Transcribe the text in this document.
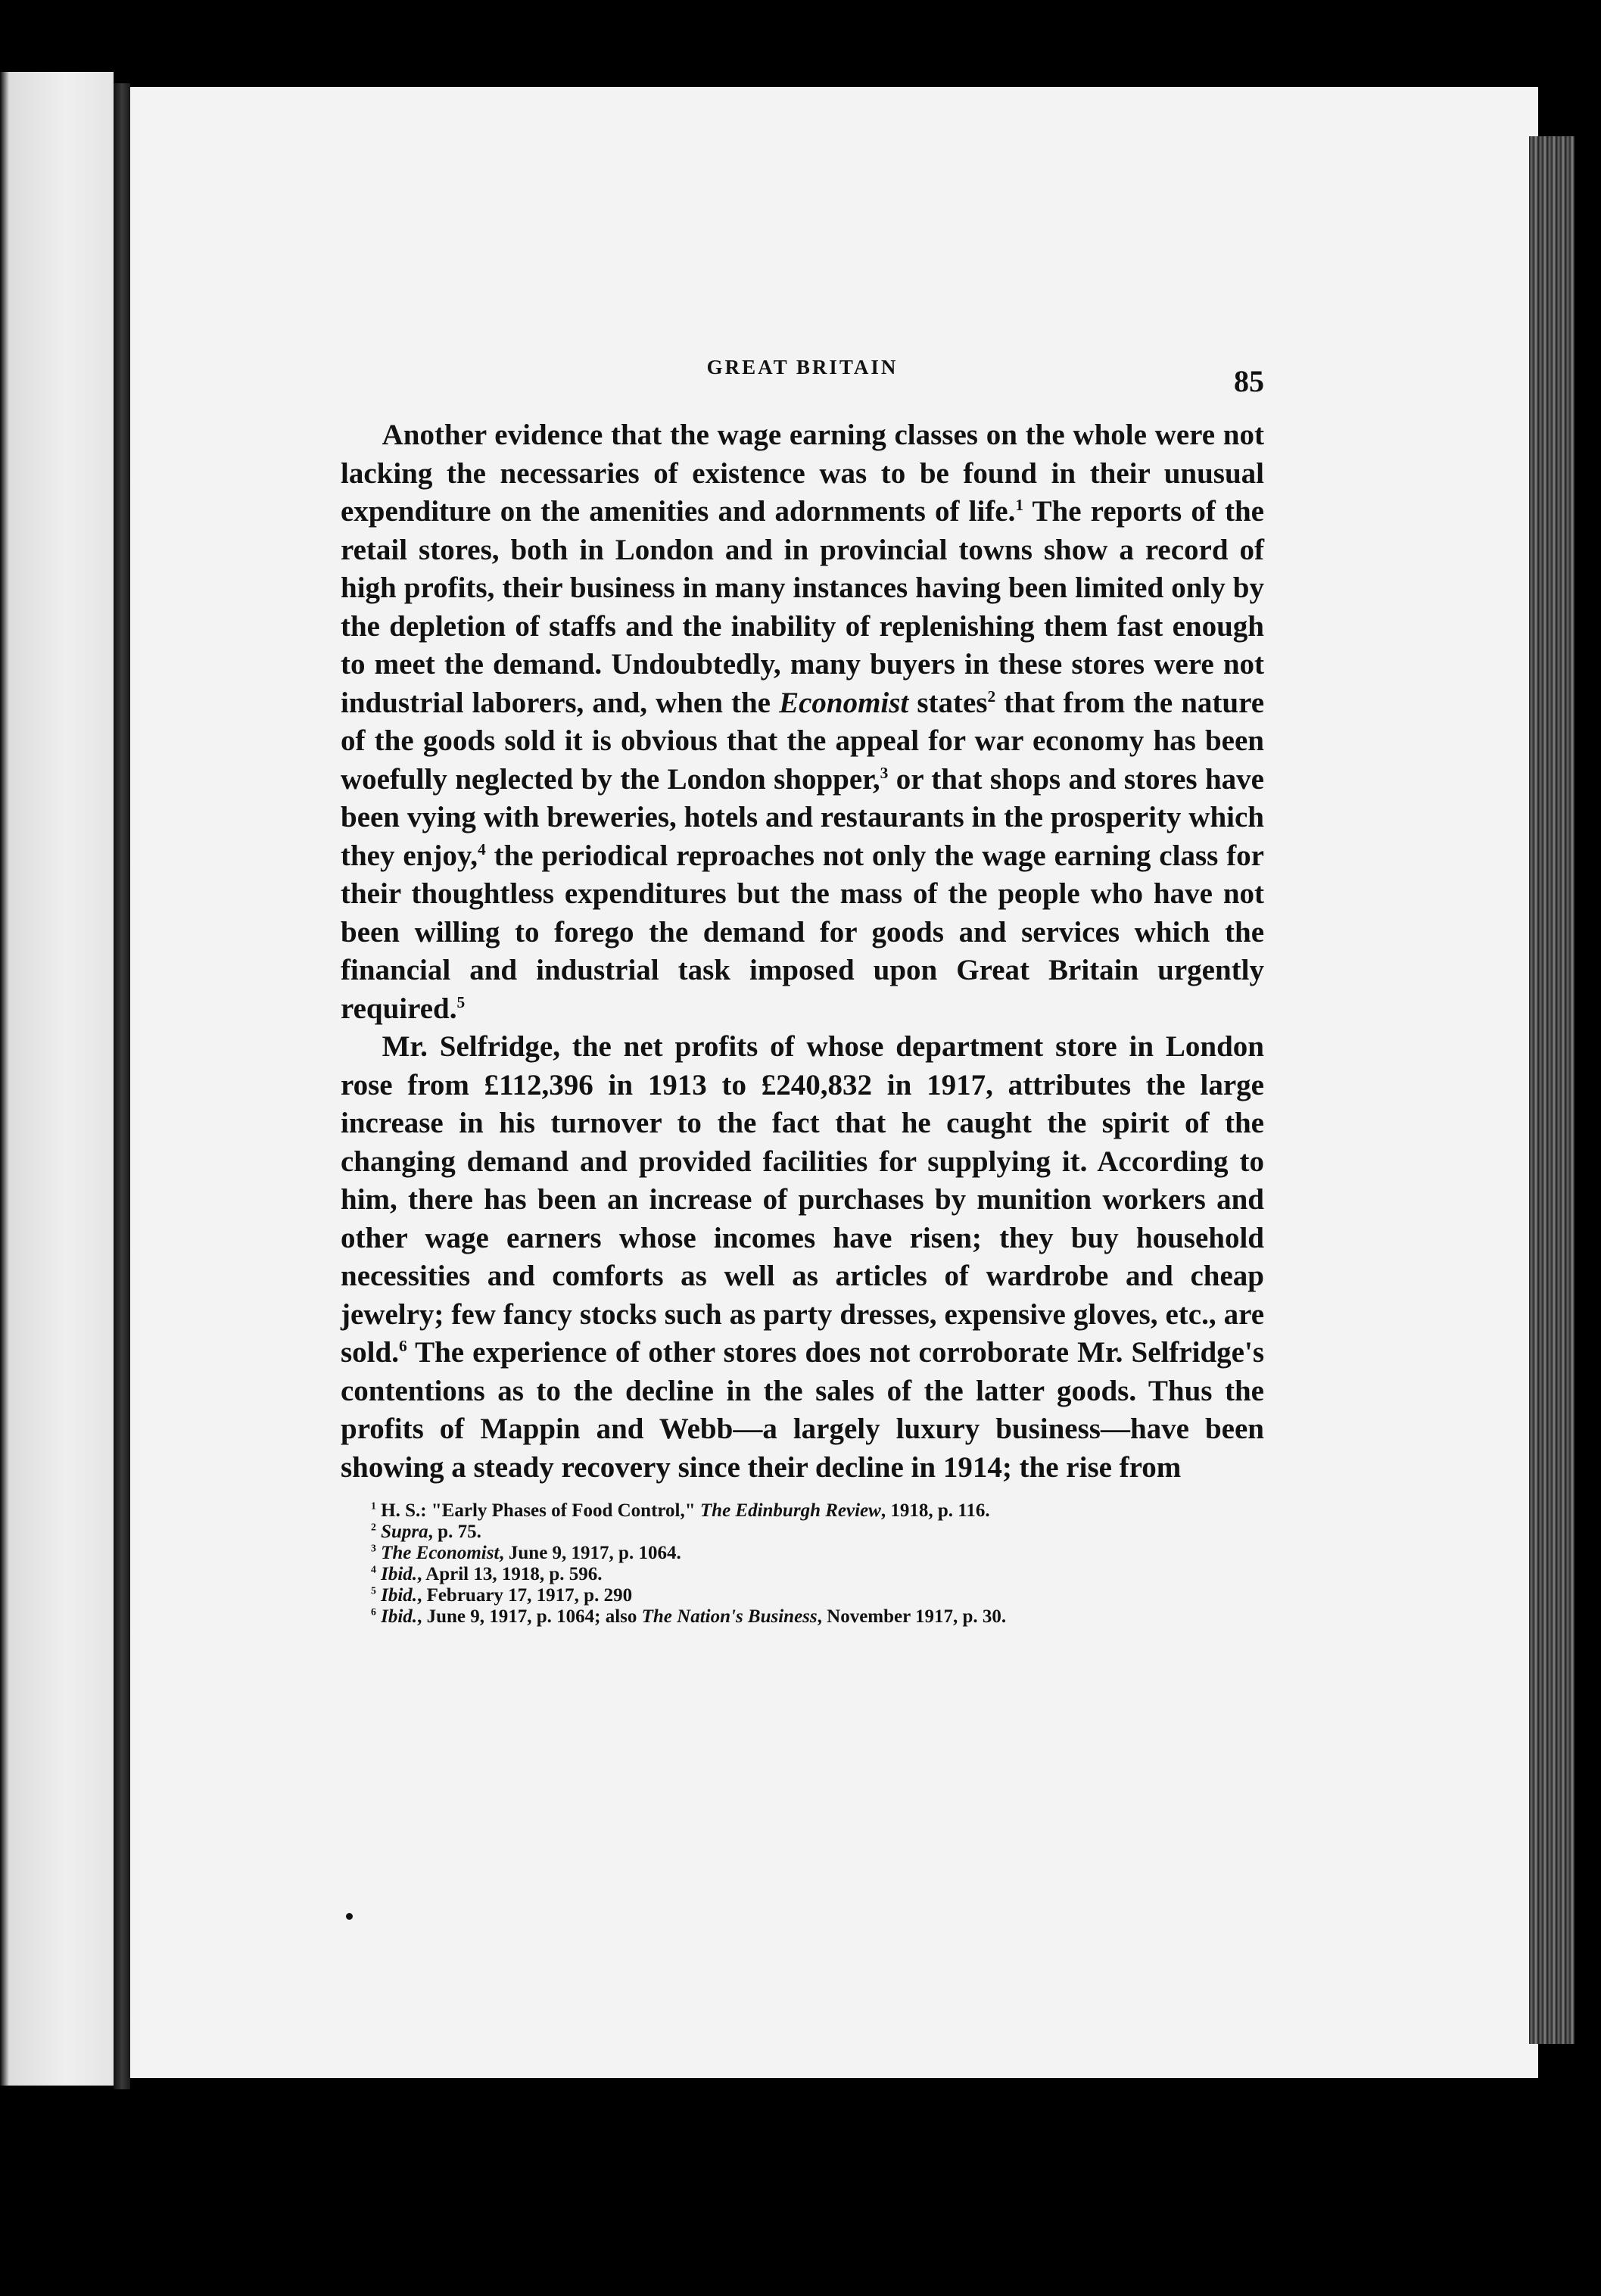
GREAT BRITAIN	85

Another evidence that the wage earning classes on the whole were not lacking the necessaries of existence was to be found in their unusual expenditure on the amenities and adornments of life.$^1$ The reports of the retail stores, both in London and in provincial towns show a record of high profits, their business in many instances having been limited only by the depletion of staffs and the inability of replenishing them fast enough to meet the demand. Undoubtedly, many buyers in these stores were not industrial laborers, and, when the Economist states$^2$ that from the nature of the goods sold it is obvious that the appeal for war economy has been woefully neglected by the London shopper,$^3$ or that shops and stores have been vying with breweries, hotels and restaurants in the prosperity which they enjoy,$^4$ the periodical reproaches not only the wage earning class for their thoughtless expenditures but the mass of the people who have not been willing to forego the demand for goods and services which the financial and industrial task imposed upon Great Britain urgently required.$^5$

Mr. Selfridge, the net profits of whose department store in London rose from £112,396 in 1913 to £240,832 in 1917, attributes the large increase in his turnover to the fact that he caught the spirit of the changing demand and provided facilities for supplying it. According to him, there has been an increase of purchases by munition workers and other wage earners whose incomes have risen; they buy household necessities and comforts as well as articles of wardrobe and cheap jewelry; few fancy stocks such as party dresses, expensive gloves, etc., are sold.$^6$ The experience of other stores does not corroborate Mr. Selfridge's contentions as to the decline in the sales of the latter goods. Thus the profits of Mappin and Webb—a largely luxury business—have been showing a steady recovery since their decline in 1914; the rise from

$^1$ H. S.: "Early Phases of Food Control," The Edinburgh Review, 1918, p. 116.

$^2$ Supra, p. 75.

$^3$ The Economist, June 9, 1917, p. 1064.

$^4$ Ibid., April 13, 1918, p. 596.

$^5$ Ibid., February 17, 1917, p. 290

$^6$ Ibid., June 9, 1917, p. 1064; also The Nation's Business, November 1917, p. 30.
